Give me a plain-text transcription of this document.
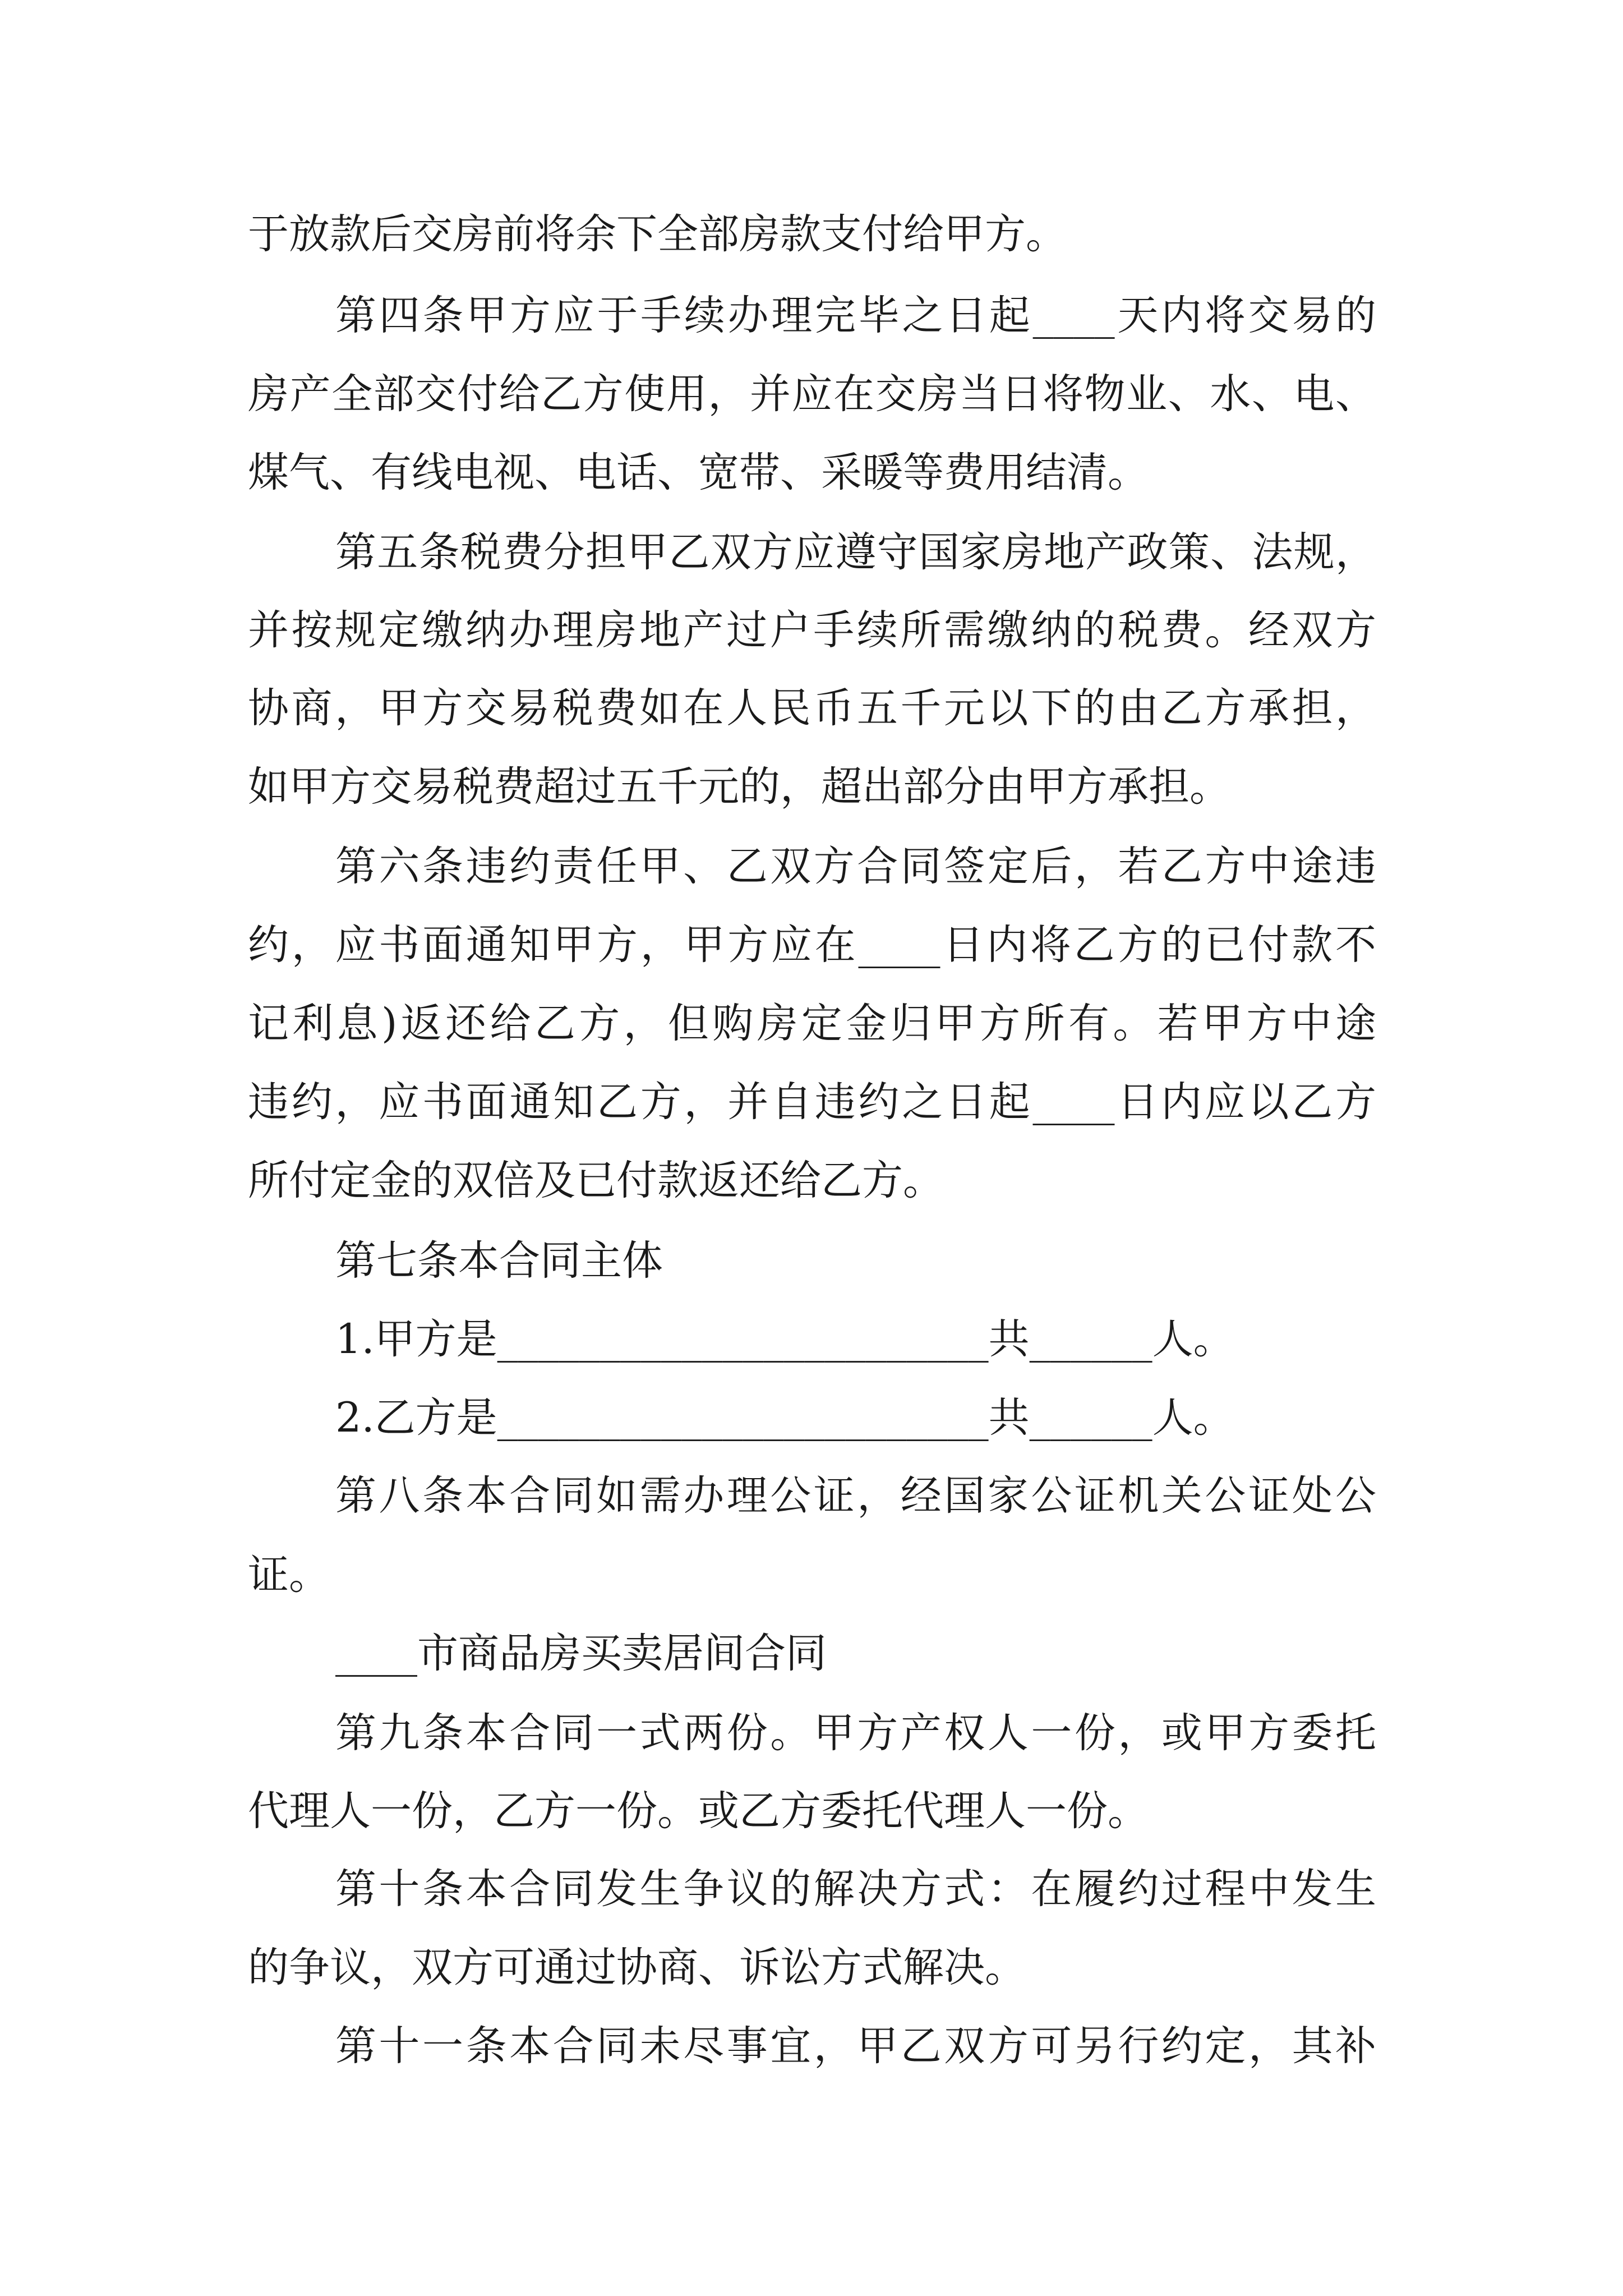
于放款后交房前将余下全部房款支付给甲方。
第四条甲方应于手续办理完毕之日起____天内将交易的
房产全部交付给乙方使用，并应在交房当日将物业、水、电、
煤气、有线电视、电话、宽带、采暖等费用结清。
第五条税费分担甲乙双方应遵守国家房地产政策、法规，
并按规定缴纳办理房地产过户手续所需缴纳的税费。经双方
协商，甲方交易税费如在人民币五千元以下的由乙方承担，
如甲方交易税费超过五千元的，超出部分由甲方承担。
第六条违约责任甲、乙双方合同签定后，若乙方中途违
约，应书面通知甲方，甲方应在____日内将乙方的已付款不
记利息)返还给乙方，但购房定金归甲方所有。若甲方中途
违约，应书面通知乙方，并自违约之日起____日内应以乙方
所付定金的双倍及已付款返还给乙方。
第七条本合同主体
1.甲方是________________________共______人。
2.乙方是________________________共______人。
第八条本合同如需办理公证，经国家公证机关公证处公
证。
____市商品房买卖居间合同
第九条本合同一式两份。甲方产权人一份，或甲方委托
代理人一份，乙方一份。或乙方委托代理人一份。
第十条本合同发生争议的解决方式：在履约过程中发生
的争议，双方可通过协商、诉讼方式解决。
第十一条本合同未尽事宜，甲乙双方可另行约定，其补
